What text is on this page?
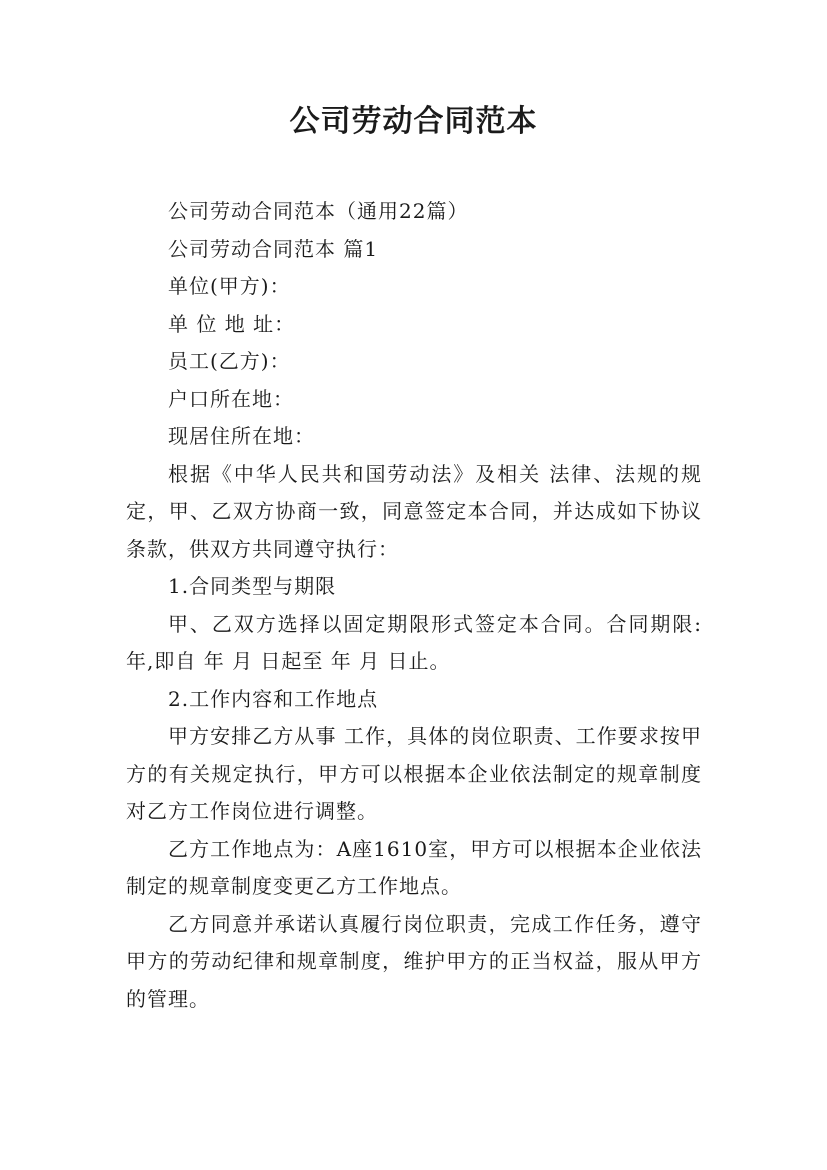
公司劳动合同范本

公司劳动合同范本（通用22篇）

公司劳动合同范本 篇1

单位(甲方)：

单 位 地 址：

员工(乙方)：

户口所在地：

现居住所在地：

根据《中华人民共和国劳动法》及相关 法律、法规的规定，甲、乙双方协商一致，同意签定本合同，并达成如下协议条款，供双方共同遵守执行：

1.合同类型与期限

甲、乙双方选择以固定期限形式签定本合同。合同期限: 年,即自 年 月 日起至 年 月 日止。

2.工作内容和工作地点

甲方安排乙方从事 工作，具体的岗位职责、工作要求按甲方的有关规定执行，甲方可以根据本企业依法制定的规章制度对乙方工作岗位进行调整。

乙方工作地点为：A座1610室，甲方可以根据本企业依法制定的规章制度变更乙方工作地点。

乙方同意并承诺认真履行岗位职责，完成工作任务，遵守甲方的劳动纪律和规章制度，维护甲方的正当权益，服从甲方的管理。
